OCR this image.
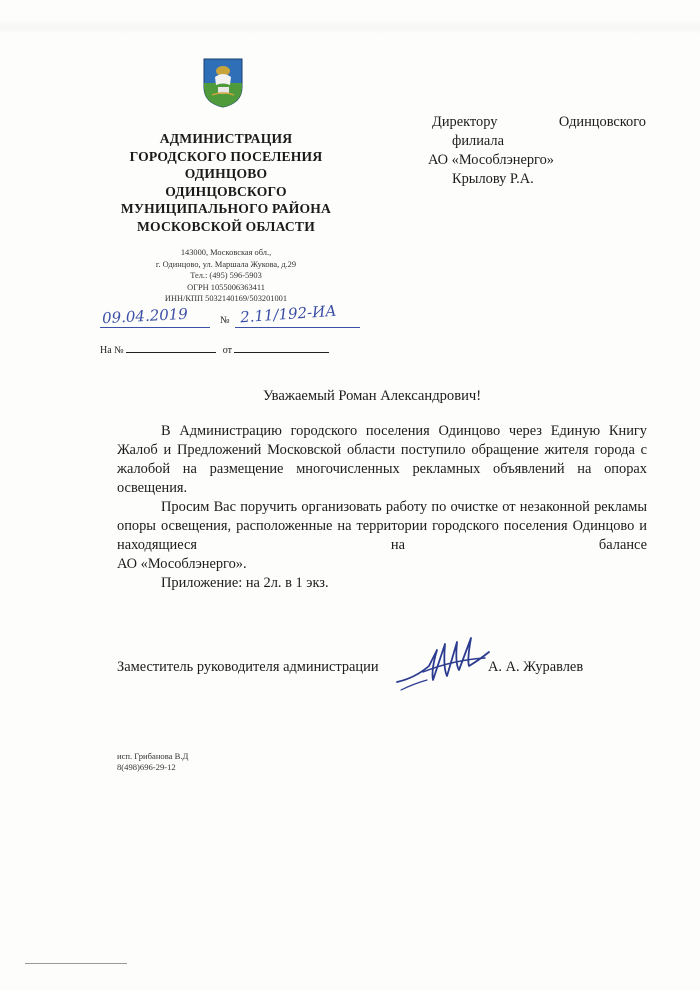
АДМИНИСТРАЦИЯ
ГОРОДСКОГО ПОСЕЛЕНИЯ
ОДИНЦОВО
ОДИНЦОВСКОГО
МУНИЦИПАЛЬНОГО РАЙОНА
МОСКОВСКОЙ ОБЛАСТИ
143000, Московская обл.,
г. Одинцово, ул. Маршала Жукова, д.29
Тел.: (495) 596-5903
ОГРН 1055006363411
ИНН/КПП 5032140169/503201001
09.04.2019	№ 2.11/192-ИА
На №	от
Директору	Одинцовского
филиала
АО «Мособлэнерго»
Крылову Р.А.
Уважаемый Роман Александрович!

В Администрацию городского поселения Одинцово через Единую Книгу Жалоб и Предложений Московской области поступило обращение жителя города с жалобой на размещение многочисленных рекламных объявлений на опорах освещения.

Просим Вас поручить организовать работу по очистке от незаконной рекламы опоры освещения, расположенные на территории городского поселения Одинцово и находящиеся на балансе

АО «Мособлэнерго».

Приложение: на 2л. в 1 экз.

Заместитель руководителя администрации	А. А. Журавлев
исп. Грибанова В.Д
8(498)696-29-12
